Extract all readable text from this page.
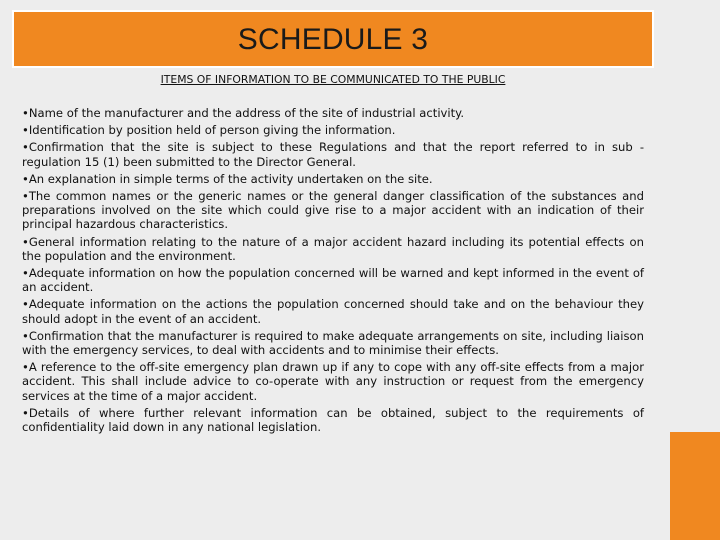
SCHEDULE 3
ITEMS OF INFORMATION TO BE COMMUNICATED TO THE PUBLIC

•Name of the manufacturer and the address of the site of industrial activity.

•Identification by position held of person giving the information.

•Confirmation that the site is subject to these Regulations and that the report referred to in sub -regulation 15 (1) been submitted to the Director General.

•An explanation in simple terms of the activity undertaken on the site.

•The common names or the generic names or the general danger classification of the substances and preparations involved on the site which could give rise to a major accident with an indication of their principal hazardous characteristics.

•General information relating to the nature of a major accident hazard including its potential effects on the population and the environment.

•Adequate information on how the population concerned will be warned and kept informed in the event of an accident.

•Adequate information on the actions the population concerned should take and on the behaviour they should adopt in the event of an accident.

•Confirmation that the manufacturer is required to make adequate arrangements on site, including liaison with the emergency services, to deal with accidents and to minimise their effects.

•A reference to the off-site emergency plan drawn up if any to cope with any off-site effects from a major accident. This shall include advice to co-operate with any instruction or request from the emergency services at the time of a major accident.

•Details of where further relevant information can be obtained, subject to the requirements of confidentiality laid down in any national legislation.
